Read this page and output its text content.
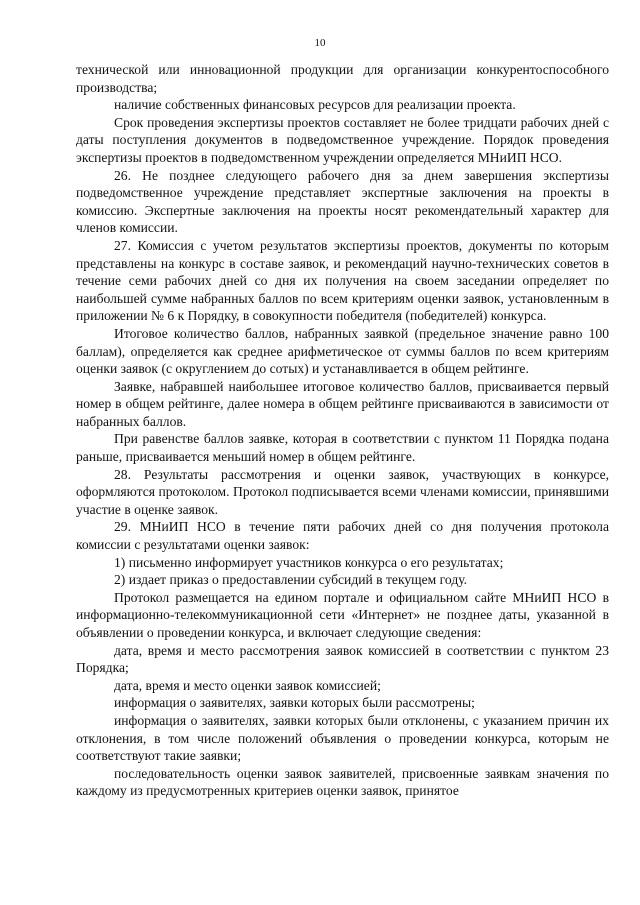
10

технической или инновационной продукции для организации конкурентоспособного производства;

наличие собственных финансовых ресурсов для реализации проекта.

Срок проведения экспертизы проектов составляет не более тридцати рабочих дней с даты поступления документов в подведомственное учреждение. Порядок проведения экспертизы проектов в подведомственном учреждении определяется МНиИП НСО.

26. Не позднее следующего рабочего дня за днем завершения экспертизы подведомственное учреждение представляет экспертные заключения на проекты в комиссию. Экспертные заключения на проекты носят рекомендательный характер для членов комиссии.

27. Комиссия с учетом результатов экспертизы проектов, документы по которым представлены на конкурс в составе заявок, и рекомендаций научно-технических советов в течение семи рабочих дней со дня их получения на своем заседании определяет по наибольшей сумме набранных баллов по всем критериям оценки заявок, установленным в приложении № 6 к Порядку, в совокупности победителя (победителей) конкурса.

Итоговое количество баллов, набранных заявкой (предельное значение равно 100 баллам), определяется как среднее арифметическое от суммы баллов по всем критериям оценки заявок (с округлением до сотых) и устанавливается в общем рейтинге.

Заявке, набравшей наибольшее итоговое количество баллов, присваивается первый номер в общем рейтинге, далее номера в общем рейтинге присваиваются в зависимости от набранных баллов.

При равенстве баллов заявке, которая в соответствии с пунктом 11 Порядка подана раньше, присваивается меньший номер в общем рейтинге.

28. Результаты рассмотрения и оценки заявок, участвующих в конкурсе, оформляются протоколом. Протокол подписывается всеми членами комиссии, принявшими участие в оценке заявок.

29. МНиИП НСО в течение пяти рабочих дней со дня получения протокола комиссии с результатами оценки заявок:

1) письменно информирует участников конкурса о его результатах;

2) издает приказ о предоставлении субсидий в текущем году.

Протокол размещается на едином портале и официальном сайте МНиИП НСО в информационно-телекоммуникационной сети «Интернет» не позднее даты, указанной в объявлении о проведении конкурса, и включает следующие сведения:

дата, время и место рассмотрения заявок комиссией в соответствии с пунктом 23 Порядка;

дата, время и место оценки заявок комиссией;

информация о заявителях, заявки которых были рассмотрены;

информация о заявителях, заявки которых были отклонены, с указанием причин их отклонения, в том числе положений объявления о проведении конкурса, которым не соответствуют такие заявки;

последовательность оценки заявок заявителей, присвоенные заявкам значения по каждому из предусмотренных критериев оценки заявок, принятое
